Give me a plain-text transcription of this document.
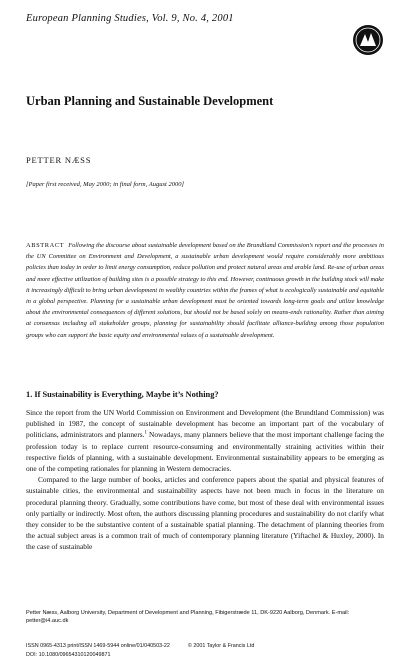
European Planning Studies, Vol. 9, No. 4, 2001
Urban Planning and Sustainable Development
PETTER NÆSS
[Paper first received, May 2000; in final form, August 2000]
ABSTRACT Following the discourse about sustainable development based on the Brundtland Commission’s report and the processes in the UN Committee on Environment and Development, a sustainable urban development would require considerably more ambitious policies than today in order to limit energy consumption, reduce pollution and protect natural areas and arable land. Re-use of urban areas and more effective utilization of building sites is a possible strategy to this end. However, continuous growth in the building stock will make it increasingly difficult to bring urban development in wealthy countries within the frames of what is ecologically sustainable and equitable in a global perspective. Planning for a sustainable urban development must be oriented towards long-term goals and utilize knowledge about the environmental consequences of different solutions, but should not be based solely on means-ends rationality. Rather than aiming at consensus including all stakeholder groups, planning for sustainability should facilitate alliance-building among those population groups who can support the basic equity and environmental values of a sustainable development.
1. If Sustainability is Everything, Maybe it’s Nothing?

Since the report from the UN World Commission on Environment and Development (the Brundtland Commission) was published in 1987, the concept of sustainable development has become an important part of the vocabulary of politicians, administrators and planners.$^1$ Nowadays, many planners believe that the most important challenge facing the profession today is to replace current resource-consuming and environmentally straining activities within their respective fields of planning, with a sustainable development. Environmental sustainability appears to be emerging as one of the competing rationales for planning in Western democracies.

Compared to the large number of books, articles and conference papers about the spatial and physical features of sustainable cities, the environmental and sustainability aspects have not been much in focus in the literature on procedural planning theory. Gradually, some contributions have come, but most of these deal with environmental issues only partially or indirectly. Most often, the authors discussing planning procedures and sustainability do not clarify what they consider to be the substantive content of a sustainable spatial planning. The detachment of planning theories from the actual subject areas is a common trait of much of contemporary planning literature (Yiftachel & Huxley, 2000). In the case of sustainable

Petter Næss, Aalborg University, Department of Development and Planning, Fibigerstræde 11, DK-9220 Aalborg, Denmark. E-mail: petter@i4.auc.dk
ISSN 0965-4313 print/ISSN 1469-5944 online/01/040503-22	© 2001 Taylor & Francis Ltd
DOI: 10.1080/09654310120049871
